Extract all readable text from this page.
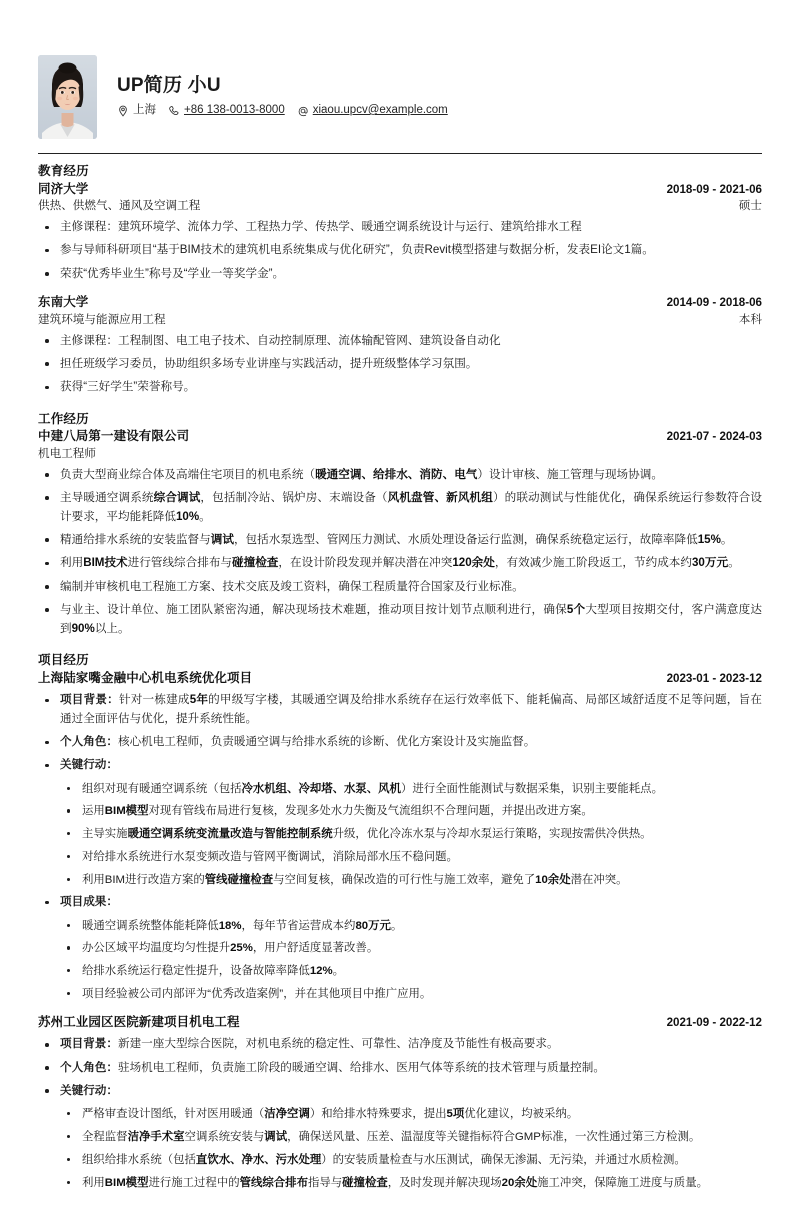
UP简历 小U
上海 +86 138-0013-8000 xiaou.upcv@example.com
教育经历
同济大学	2018-09 - 2021-06
供热、供燃气、通风及空调工程	硕士
主修课程：建筑环境学、流体力学、工程热力学、传热学、暖通空调系统设计与运行、建筑给排水工程
参与导师科研项目“基于BIM技术的建筑机电系统集成与优化研究”，负责Revit模型搭建与数据分析，发表EI论文1篇。
荣获“优秀毕业生”称号及“学业一等奖学金”。
东南大学	2014-09 - 2018-06
建筑环境与能源应用工程	本科
主修课程：工程制图、电工电子技术、自动控制原理、流体输配管网、建筑设备自动化
担任班级学习委员，协助组织多场专业讲座与实践活动，提升班级整体学习氛围。
获得“三好学生”荣誉称号。
工作经历
中建八局第一建设有限公司	2021-07 - 2024-03
机电工程师
负责大型商业综合体及高端住宅项目的机电系统（暖通空调、给排水、消防、电气）设计审核、施工管理与现场协调。
主导暖通空调系统综合调试，包括制冷站、锅炉房、末端设备（风机盘管、新风机组）的联动测试与性能优化，确保系统运行参数符合设计要求，平均能耗降低10%。
精通给排水系统的安装监督与调试，包括水泵选型、管网压力测试、水质处理设备运行监测，确保系统稳定运行，故障率降低15%。
利用BIM技术进行管线综合排布与碰撞检查，在设计阶段发现并解决潜在冲突120余处，有效减少施工阶段返工，节约成本约30万元。
编制并审核机电工程施工方案、技术交底及竣工资料，确保工程质量符合国家及行业标准。
与业主、设计单位、施工团队紧密沟通，解决现场技术难题，推动项目按计划节点顺利进行，确保5个大型项目按期交付，客户满意度达到90%以上。
项目经历
上海陆家嘴金融中心机电系统优化项目	2023-01 - 2023-12
项目背景：针对一栋建成5年的甲级写字楼，其暖通空调及给排水系统存在运行效率低下、能耗偏高、局部区域舒适度不足等问题，旨在通过全面评估与优化，提升系统性能。
个人角色：核心机电工程师，负责暖通空调与给排水系统的诊断、优化方案设计及实施监督。
关键行动：
组织对现有暖通空调系统（包括冷水机组、冷却塔、水泵、风机）进行全面性能测试与数据采集，识别主要能耗点。
运用BIM模型对现有管线布局进行复核，发现多处水力失衡及气流组织不合理问题，并提出改进方案。
主导实施暖通空调系统变流量改造与智能控制系统升级，优化冷冻水泵与冷却水泵运行策略，实现按需供冷供热。
对给排水系统进行水泵变频改造与管网平衡调试，消除局部水压不稳问题。
利用BIM进行改造方案的管线碰撞检查与空间复核，确保改造的可行性与施工效率，避免了10余处潜在冲突。
项目成果：
暖通空调系统整体能耗降低18%，每年节省运营成本约80万元。
办公区域平均温度均匀性提升25%，用户舒适度显著改善。
给排水系统运行稳定性提升，设备故障率降低12%。
项目经验被公司内部评为“优秀改造案例”，并在其他项目中推广应用。
苏州工业园区医院新建项目机电工程	2021-09 - 2022-12
项目背景：新建一座大型综合医院，对机电系统的稳定性、可靠性、洁净度及节能性有极高要求。
个人角色：驻场机电工程师，负责施工阶段的暖通空调、给排水、医用气体等系统的技术管理与质量控制。
关键行动：
严格审查设计图纸，针对医用暖通（洁净空调）和给排水特殊要求，提出5项优化建议，均被采纳。
全程监督洁净手术室空调系统安装与调试，确保送风量、压差、温湿度等关键指标符合GMP标准，一次性通过第三方检测。
组织给排水系统（包括直饮水、净水、污水处理）的安装质量检查与水压测试，确保无渗漏、无污染，并通过水质检测。
利用BIM模型进行施工过程中的管线综合排布指导与碰撞检查，及时发现并解决现场20余处施工冲突，保障施工进度与质量。
